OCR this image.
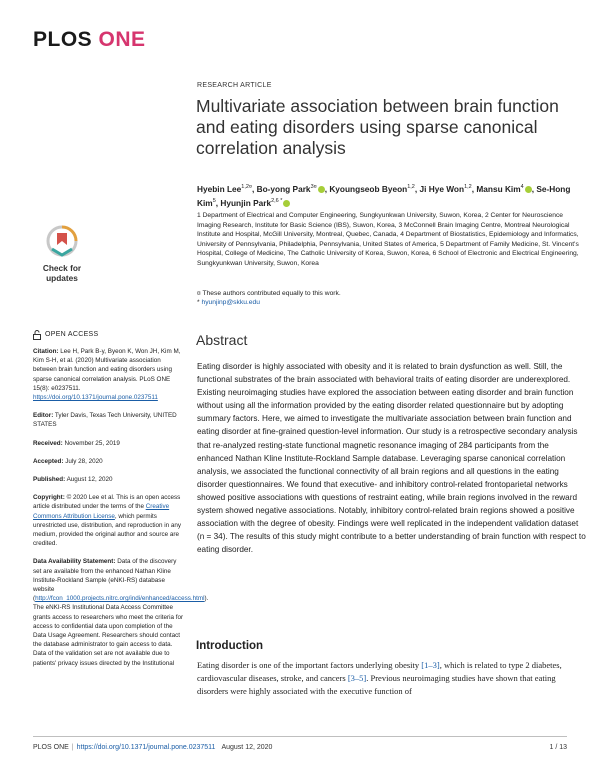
PLOS ONE
RESEARCH ARTICLE
Multivariate association between brain function and eating disorders using sparse canonical correlation analysis
Hyebin Lee$^{1,2¤}$, Bo-yong Park$^{3¤}$ , Kyoungseob Byeon$^{1,2}$, Ji Hye Won$^{1,2}$, Mansu Kim$^4$ , Se-Hong Kim$^5$, Hyunjin Park$^{2,6 *}$
1 Department of Electrical and Computer Engineering, Sungkyunkwan University, Suwon, Korea, 2 Center for Neuroscience Imaging Research, Institute for Basic Science (IBS), Suwon, Korea, 3 McConnell Brain Imaging Centre, Montreal Neurological Institute and Hospital, McGill University, Montreal, Quebec, Canada, 4 Department of Biostatistics, Epidemiology and Informatics, University of Pennsylvania, Philadelphia, Pennsylvania, United States of America, 5 Department of Family Medicine, St. Vincent's Hospital, College of Medicine, The Catholic University of Korea, Suwon, Korea, 6 School of Electronic and Electrical Engineering, Sungkyunkwan University, Suwon, Korea
¤ These authors contributed equally to this work.
* hyunjinp@skku.edu
Check for updates
OPEN ACCESS

Citation: Lee H, Park B-y, Byeon K, Won JH, Kim M, Kim S-H, et al. (2020) Multivariate association between brain function and eating disorders using sparse canonical correlation analysis. PLoS ONE 15(8): e0237511. https://doi.org/10.1371/journal.pone.0237511

Editor: Tyler Davis, Texas Tech University, UNITED STATES

Received: November 25, 2019

Accepted: July 28, 2020

Published: August 12, 2020

Copyright: © 2020 Lee et al. This is an open access article distributed under the terms of the Creative Commons Attribution License, which permits unrestricted use, distribution, and reproduction in any medium, provided the original author and source are credited.

Data Availability Statement: Data of the discovery set are available from the enhanced Nathan Kline Institute-Rockland Sample (eNKI-RS) database website (http://fcon_1000.projects.nitrc.org/indi/enhanced/access.html). The eNKI-RS Institutional Data Access Committee grants access to researchers who meet the criteria for access to confidential data upon completion of the Data Usage Agreement. Researchers should contact the database administrator to gain access to data. Data of the validation set are not available due to patients' privacy issues directed by the Institutional

Abstract
Eating disorder is highly associated with obesity and it is related to brain dysfunction as well. Still, the functional substrates of the brain associated with behavioral traits of eating disorder are underexplored. Existing neuroimaging studies have explored the association between eating disorder and brain function without using all the information provided by the eating disorder related questionnaire but by adopting summary factors. Here, we aimed to investigate the multivariate association between brain function and eating disorder at fine-grained question-level information. Our study is a retrospective secondary analysis that re-analyzed resting-state functional magnetic resonance imaging of 284 participants from the enhanced Nathan Kline Institute-Rockland Sample database. Leveraging sparse canonical correlation analysis, we associated the functional connectivity of all brain regions and all questions in the eating disorder questionnaires. We found that executive- and inhibitory control-related frontoparietal networks showed positive associations with questions of restraint eating, while brain regions involved in the reward system showed negative associations. Notably, inhibitory control-related brain regions showed a positive association with the degree of obesity. Findings were well replicated in the independent validation dataset (n = 34). The results of this study might contribute to a better understanding of brain function with respect to eating disorder.
Introduction
Eating disorder is one of the important factors underlying obesity [1–3], which is related to type 2 diabetes, cardiovascular diseases, stroke, and cancers [3–5]. Previous neuroimaging studies have shown that eating disorders were highly associated with the executive function of
PLOS ONE | https://doi.org/10.1371/journal.pone.0237511 August 12, 2020	1 / 13
